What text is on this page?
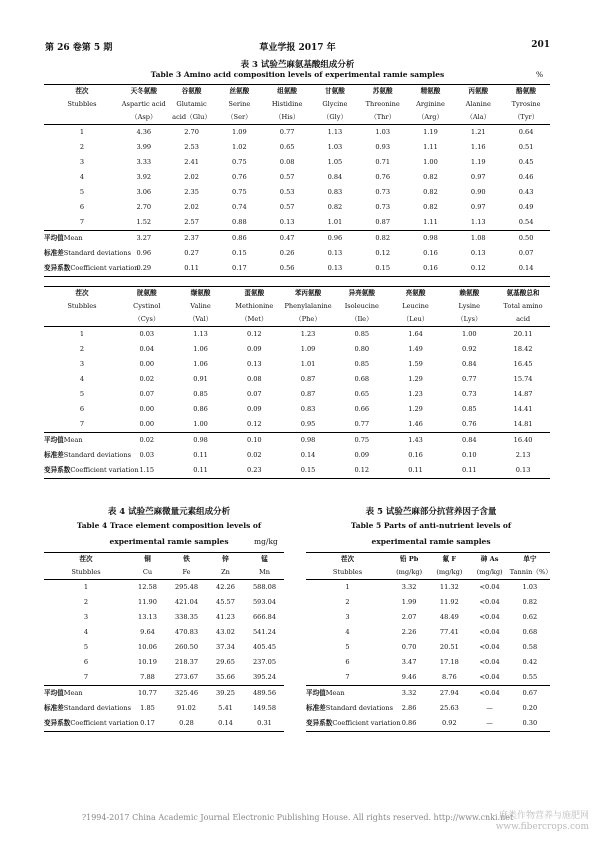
第 26 卷第 5 期	草业学报 2017 年	201
表 3 试验苎麻氨基酸组成分析
Table 3 Amino acid composition levels of experimental ramie samples	%
茬次	天冬氨酸	谷氨酸	丝氨酸	组氨酸	甘氨酸	苏氨酸	精氨酸	丙氨酸	酪氨酸
Stubbles	Aspartic acid	Glutamic	Serine	Histidine	Glycine	Threonine	Arginine	Alanine	Tyrosine
	（Asp）	acid（Glu）	（Ser）	（His）	（Gly）	（Thr）	（Arg）	（Ala）	（Tyr）
1	4.36	2.70	1.09	0.77	1.13	1.03	1.19	1.21	0.64
2	3.99	2.53	1.02	0.65	1.03	0.93	1.11	1.16	0.51
3	3.33	2.41	0.75	0.08	1.05	0.71	1.00	1.19	0.45
4	3.92	2.02	0.76	0.57	0.84	0.76	0.82	0.97	0.46
5	3.06	2.35	0.75	0.53	0.83	0.73	0.82	0.90	0.43
6	2.70	2.02	0.74	0.57	0.82	0.73	0.82	0.97	0.49
7	1.52	2.57	0.88	0.13	1.01	0.87	1.11	1.13	0.54
平均值Mean	3.27	2.37	0.86	0.47	0.96	0.82	0.98	1.08	0.50
标准差Standard deviations	0.96	0.27	0.15	0.26	0.13	0.12	0.16	0.13	0.07
变异系数Coefficient variation	0.29	0.11	0.17	0.56	0.13	0.15	0.16	0.12	0.14
茬次	胱氨酸	缬氨酸	蛋氨酸	苯丙氨酸	异亮氨酸	亮氨酸	赖氨酸	氨基酸总和
Stubbles	Cystinol	Valine	Methionine	Phenylalanine	Isoleucine	Leucine	Lysine	Total amino
	（Cys）	（Val）	（Met）	（Phe）	（Ile）	（Leu）	（Lys）	acid
1	0.03	1.13	0.12	1.23	0.85	1.64	1.00	20.11
2	0.04	1.06	0.09	1.09	0.80	1.49	0.92	18.42
3	0.00	1.06	0.13	1.01	0.85	1.59	0.84	16.45
4	0.02	0.91	0.08	0.87	0.68	1.29	0.77	15.74
5	0.07	0.85	0.07	0.87	0.65	1.23	0.73	14.87
6	0.00	0.86	0.09	0.83	0.66	1.29	0.85	14.41
7	0.00	1.00	0.12	0.95	0.77	1.46	0.76	14.81
平均值Mean	0.02	0.98	0.10	0.98	0.75	1.43	0.84	16.40
标准差Standard deviations	0.03	0.11	0.02	0.14	0.09	0.16	0.10	2.13
变异系数Coefficient variation	1.15	0.11	0.23	0.15	0.12	0.11	0.11	0.13
表 4 试验苎麻微量元素组成分析
Table 4 Trace element composition levels of
experimental ramie samples	mg/kg
茬次	铜	铁	锌	锰
Stubbles	Cu	Fe	Zn	Mn
1	12.58	295.48	42.26	588.08
2	11.90	421.04	45.57	593.04
3	13.13	338.35	41.23	666.84
4	9.64	470.83	43.02	541.24
5	10.06	260.50	37.34	405.45
6	10.19	218.37	29.65	237.05
7	7.88	273.67	35.66	395.24
平均值Mean	10.77	325.46	39.25	489.56
标准差Standard deviations	1.85	91.02	5.41	149.58
变异系数Coefficient variation	0.17	0.28	0.14	0.31
表 5 试验苎麻部分抗营养因子含量
Table 5 Parts of anti-nutrient levels of
experimental ramie samples
茬次	铅 Pb	氟 F	砷 As	单宁
Stubbles	(mg/kg)	(mg/kg)	(mg/kg)	Tannin（%）
1	3.32	11.32	<0.04	1.03
2	1.99	11.92	<0.04	0.82
3	2.07	48.49	<0.04	0.62
4	2.26	77.41	<0.04	0.68
5	0.70	20.51	<0.04	0.58
6	3.47	17.18	<0.04	0.42
7	9.46	8.76	<0.04	0.55
平均值Mean	3.32	27.94	<0.04	0.67
标准差Standard deviations	2.86	25.63	—	0.20
变异系数Coefficient variation	0.86	0.92	—	0.30
?1994-2017 China Academic Journal Electronic Publishing House. All rights reserved. http://www.cnki.net
麻类作物营养与施肥网
www.fibercrops.com
